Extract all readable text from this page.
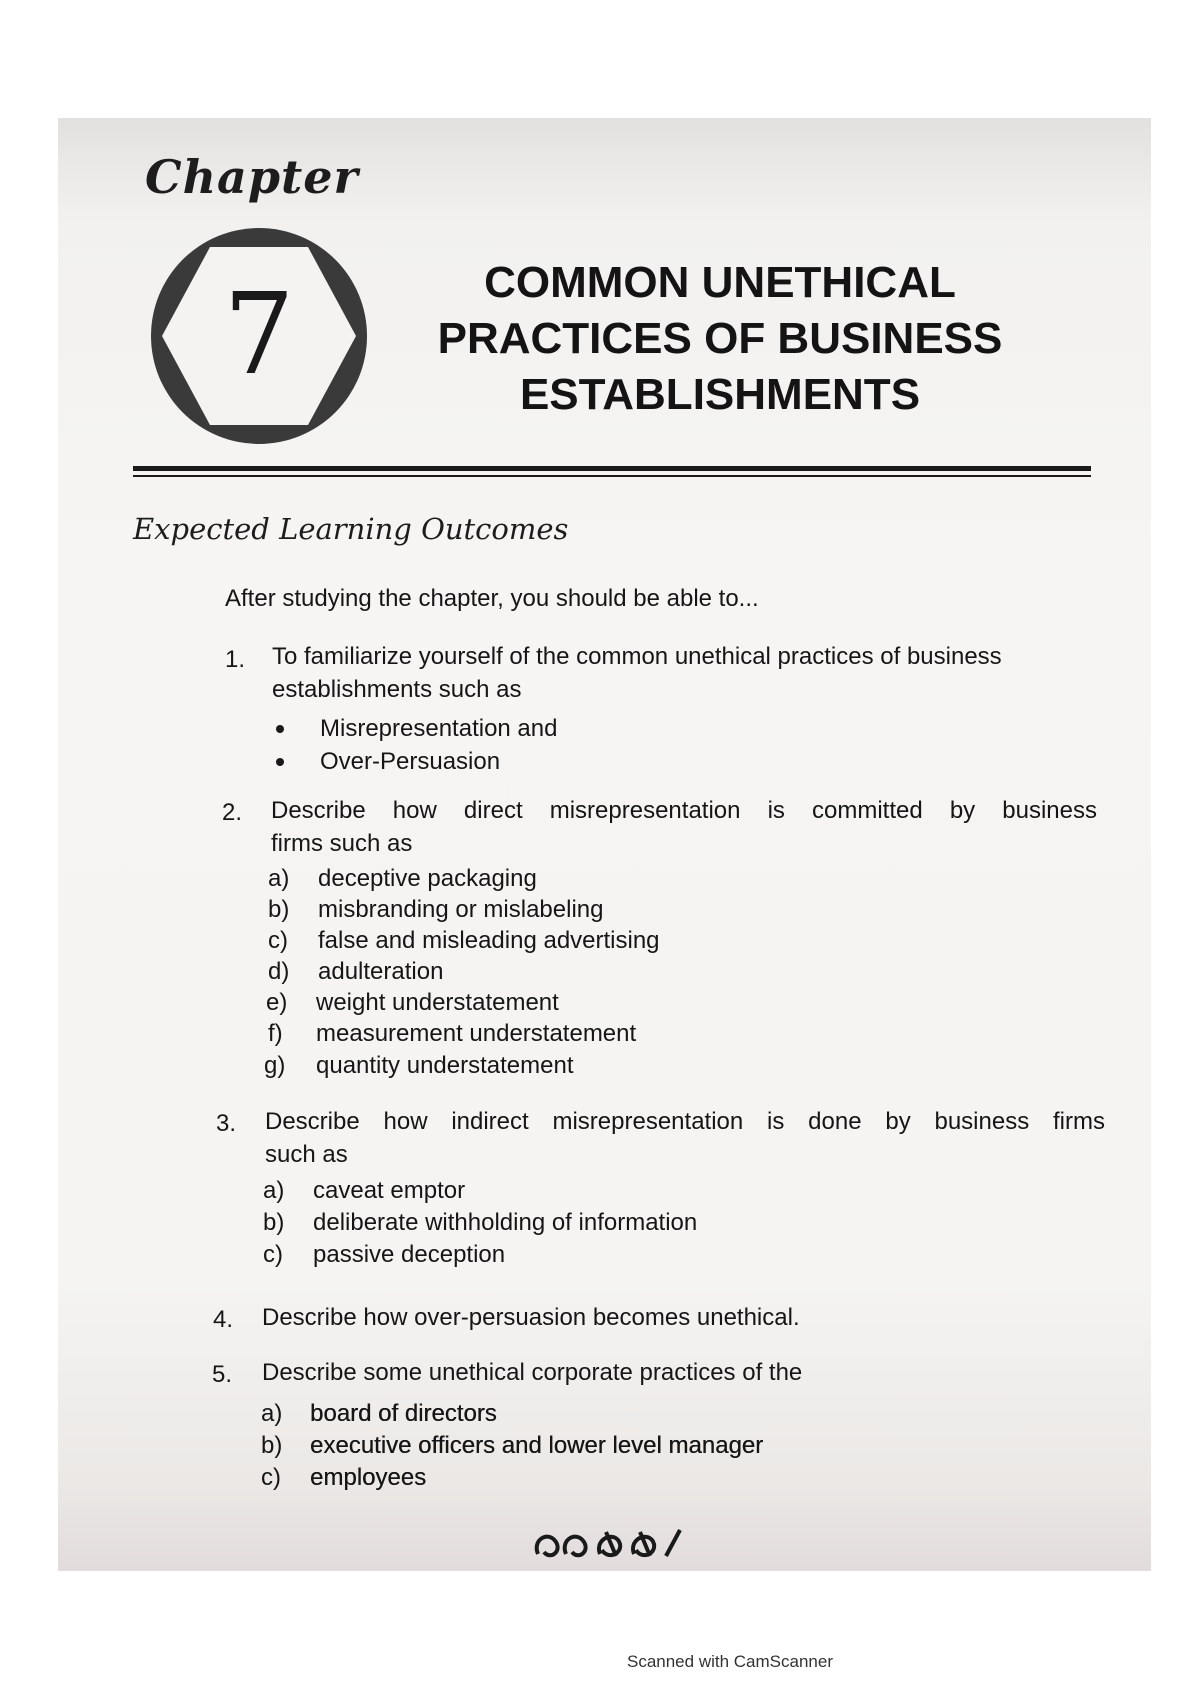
Chapter
7	COMMON UNETHICAL
PRACTICES OF BUSINESS
ESTABLISHMENTS
Expected Learning Outcomes
After studying the chapter, you should be able to...
1. To familiarize yourself of the common unethical practices of business
establishments such as
Misrepresentation and
Over-Persuasion
2. Describe how direct misrepresentation is committed by business
firms such as
a) deceptive packaging
b) misbranding or mislabeling
c) false and misleading advertising
d) adulteration
e) weight understatement
f) measurement understatement
g) quantity understatement
3. Describe how indirect misrepresentation is done by business firms
such as
a) caveat emptor
b) deliberate withholding of information
c) passive deception
4. Describe how over-persuasion becomes unethical.
5. Describe some unethical corporate practices of the
a) board of directors
b) executive officers and lower level manager
c) employees
Scanned with CamScanner
